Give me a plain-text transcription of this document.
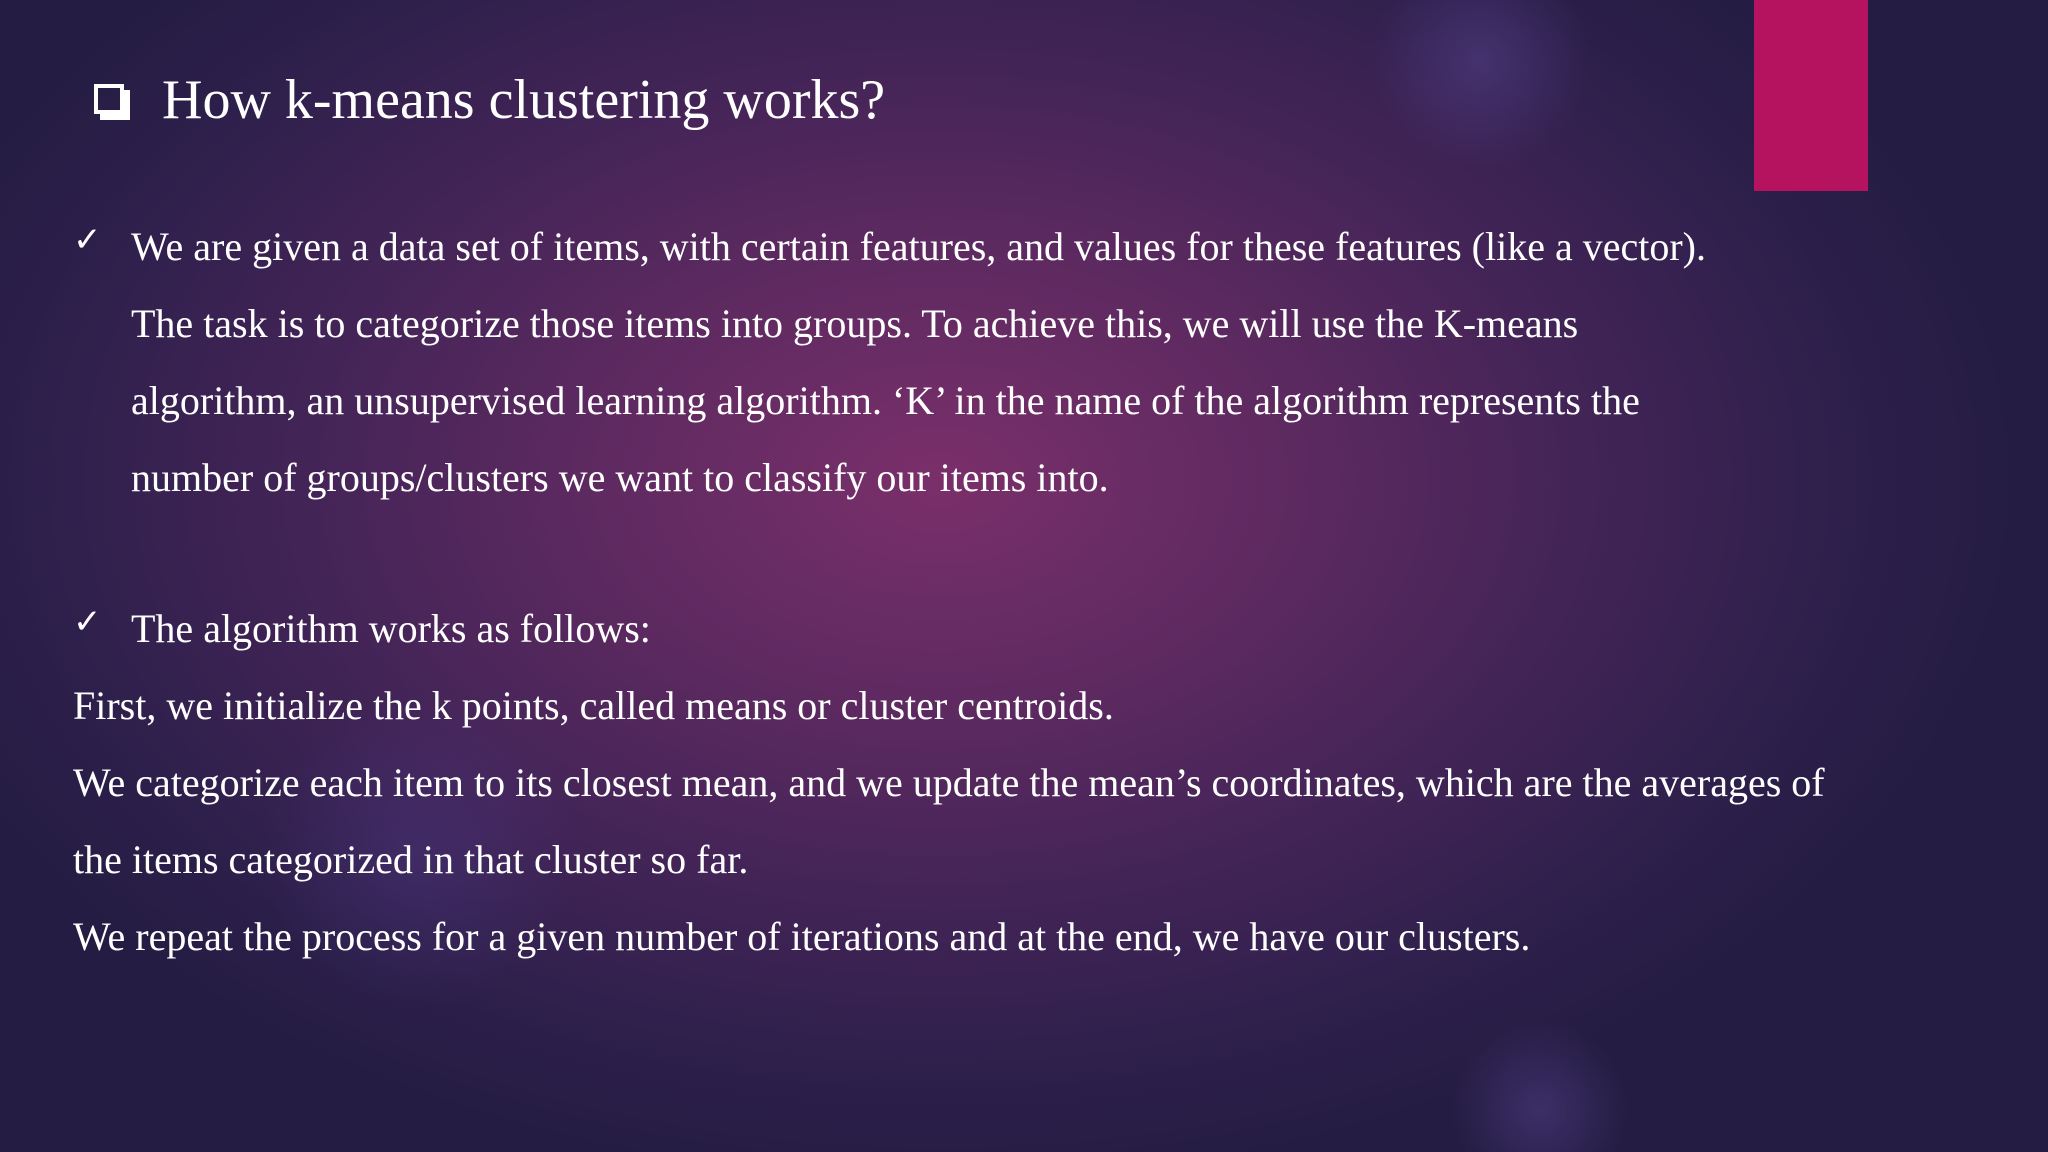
How k-means clustering works?
✓ We are given a data set of items, with certain features, and values for these features (like a vector).
The task is to categorize those items into groups. To achieve this, we will use the K-means
algorithm, an unsupervised learning algorithm. ‘K’ in the name of the algorithm represents the
number of groups/clusters we want to classify our items into.
✓ The algorithm works as follows:
First, we initialize the k points, called means or cluster centroids.
We categorize each item to its closest mean, and we update the mean’s coordinates, which are the averages of
the items categorized in that cluster so far.
We repeat the process for a given number of iterations and at the end, we have our clusters.
